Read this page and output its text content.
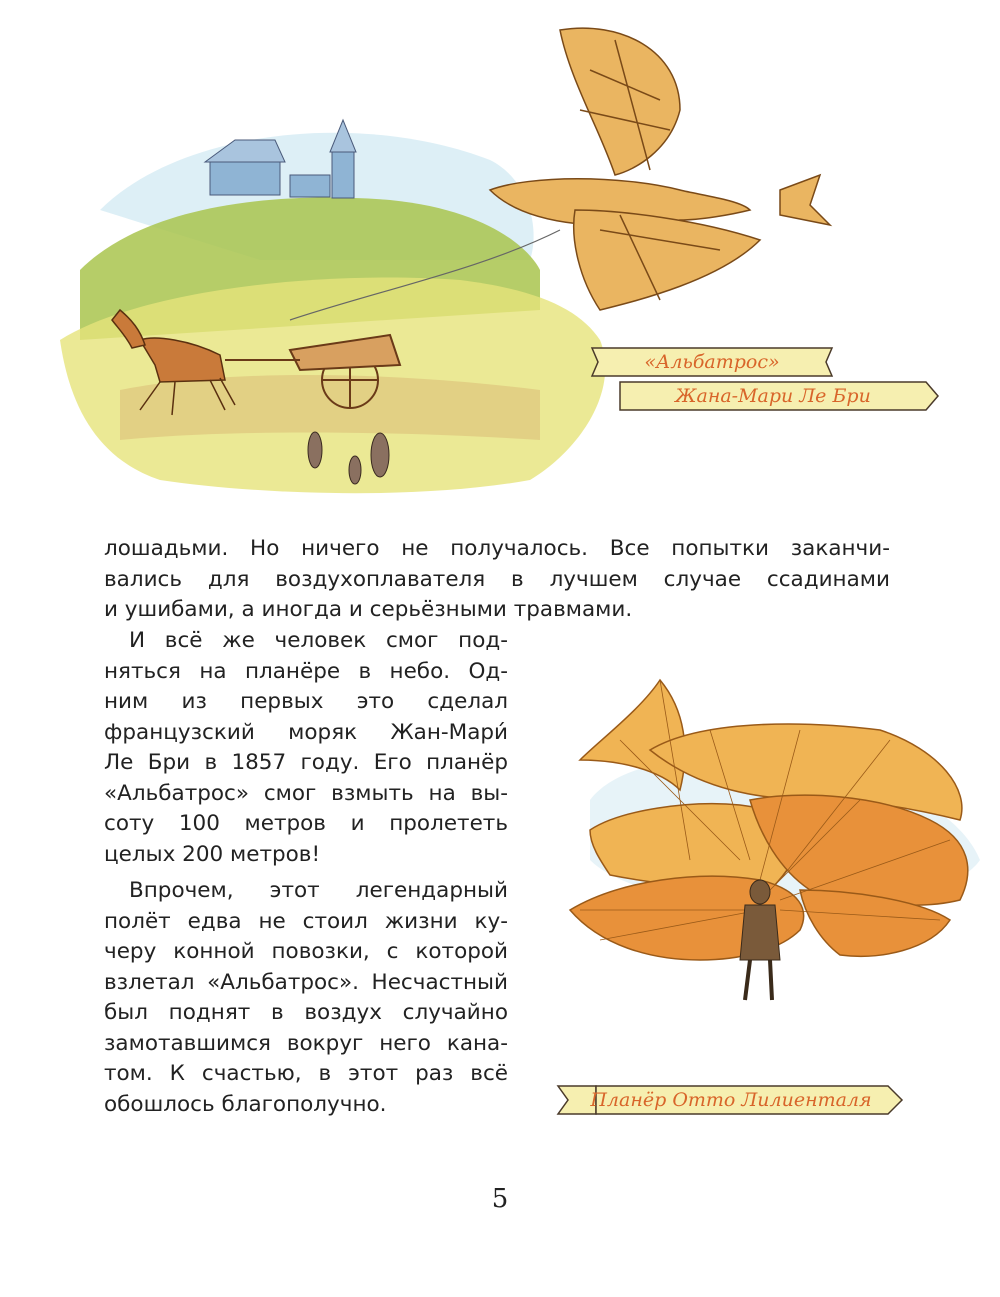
«Альбатрос»
Жана-Мари Ле Бри
Планёр Отто Лилиенталя
лошадьми. Но ничего не получалось. Все попытки заканчи-
вались для воздухоплавателя в лучшем случае ссадинами
и ушибами, а иногда и серьёзными травмами.
И всё же человек смог под-
няться на планёре в небо. Од-
ним из первых это сделал
французский моряк Жан-Мари́
Ле Бри в 1857 году. Его планёр
«Альбатрос» смог взмыть на вы-
соту 100 метров и пролететь
целых 200 метров!
Впрочем, этот легендарный
полёт едва не стоил жизни ку-
черу конной повозки, с которой
взлетал «Альбатрос». Несчастный
был поднят в воздух случайно
замотавшимся вокруг него кана-
том. К счастью, в этот раз всё
обошлось благополучно.
5
